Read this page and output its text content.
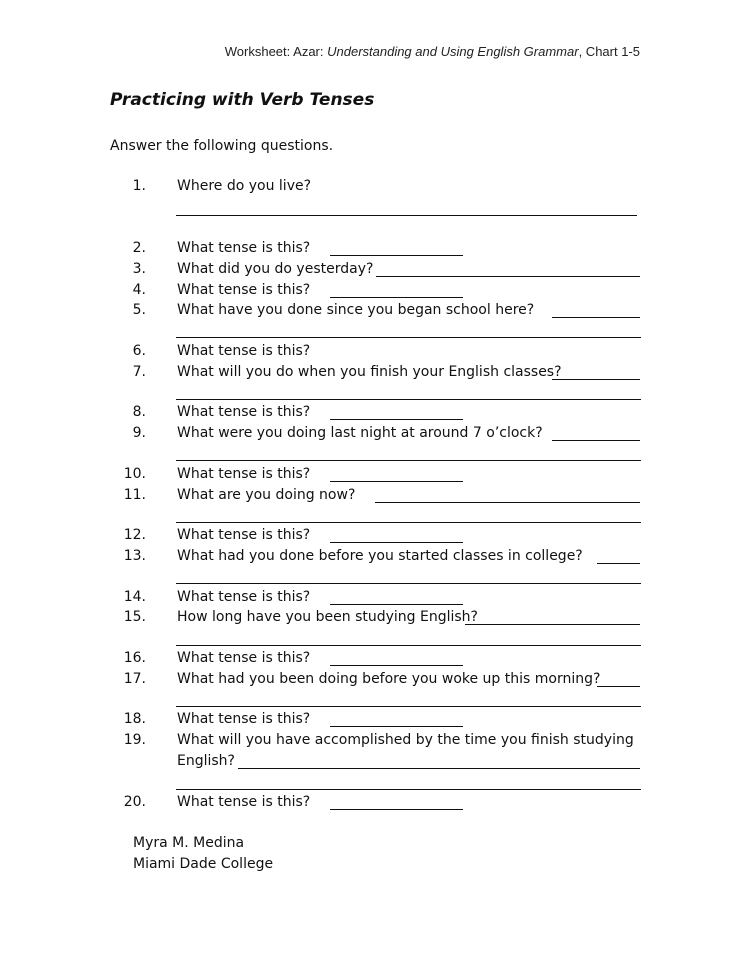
Worksheet: Azar: Understanding and Using English Grammar, Chart 1-5
Practicing with Verb Tenses
Answer the following questions.
1. Where do you live?
2. What tense is this?
3. What did you do yesterday?
4. What tense is this?
5. What have you done since you began school here?
6. What tense is this?
7. What will you do when you finish your English classes?
8. What tense is this?
9. What were you doing last night at around 7 o’clock?
10. What tense is this?
11. What are you doing now?
12. What tense is this?
13. What had you done before you started classes in college?
14. What tense is this?
15. How long have you been studying English?
16. What tense is this?
17. What had you been doing before you woke up this morning?
18. What tense is this?
19. What will you have accomplished by the time you finish studying
English?
20. What tense is this?
Myra M. Medina
Miami Dade College
